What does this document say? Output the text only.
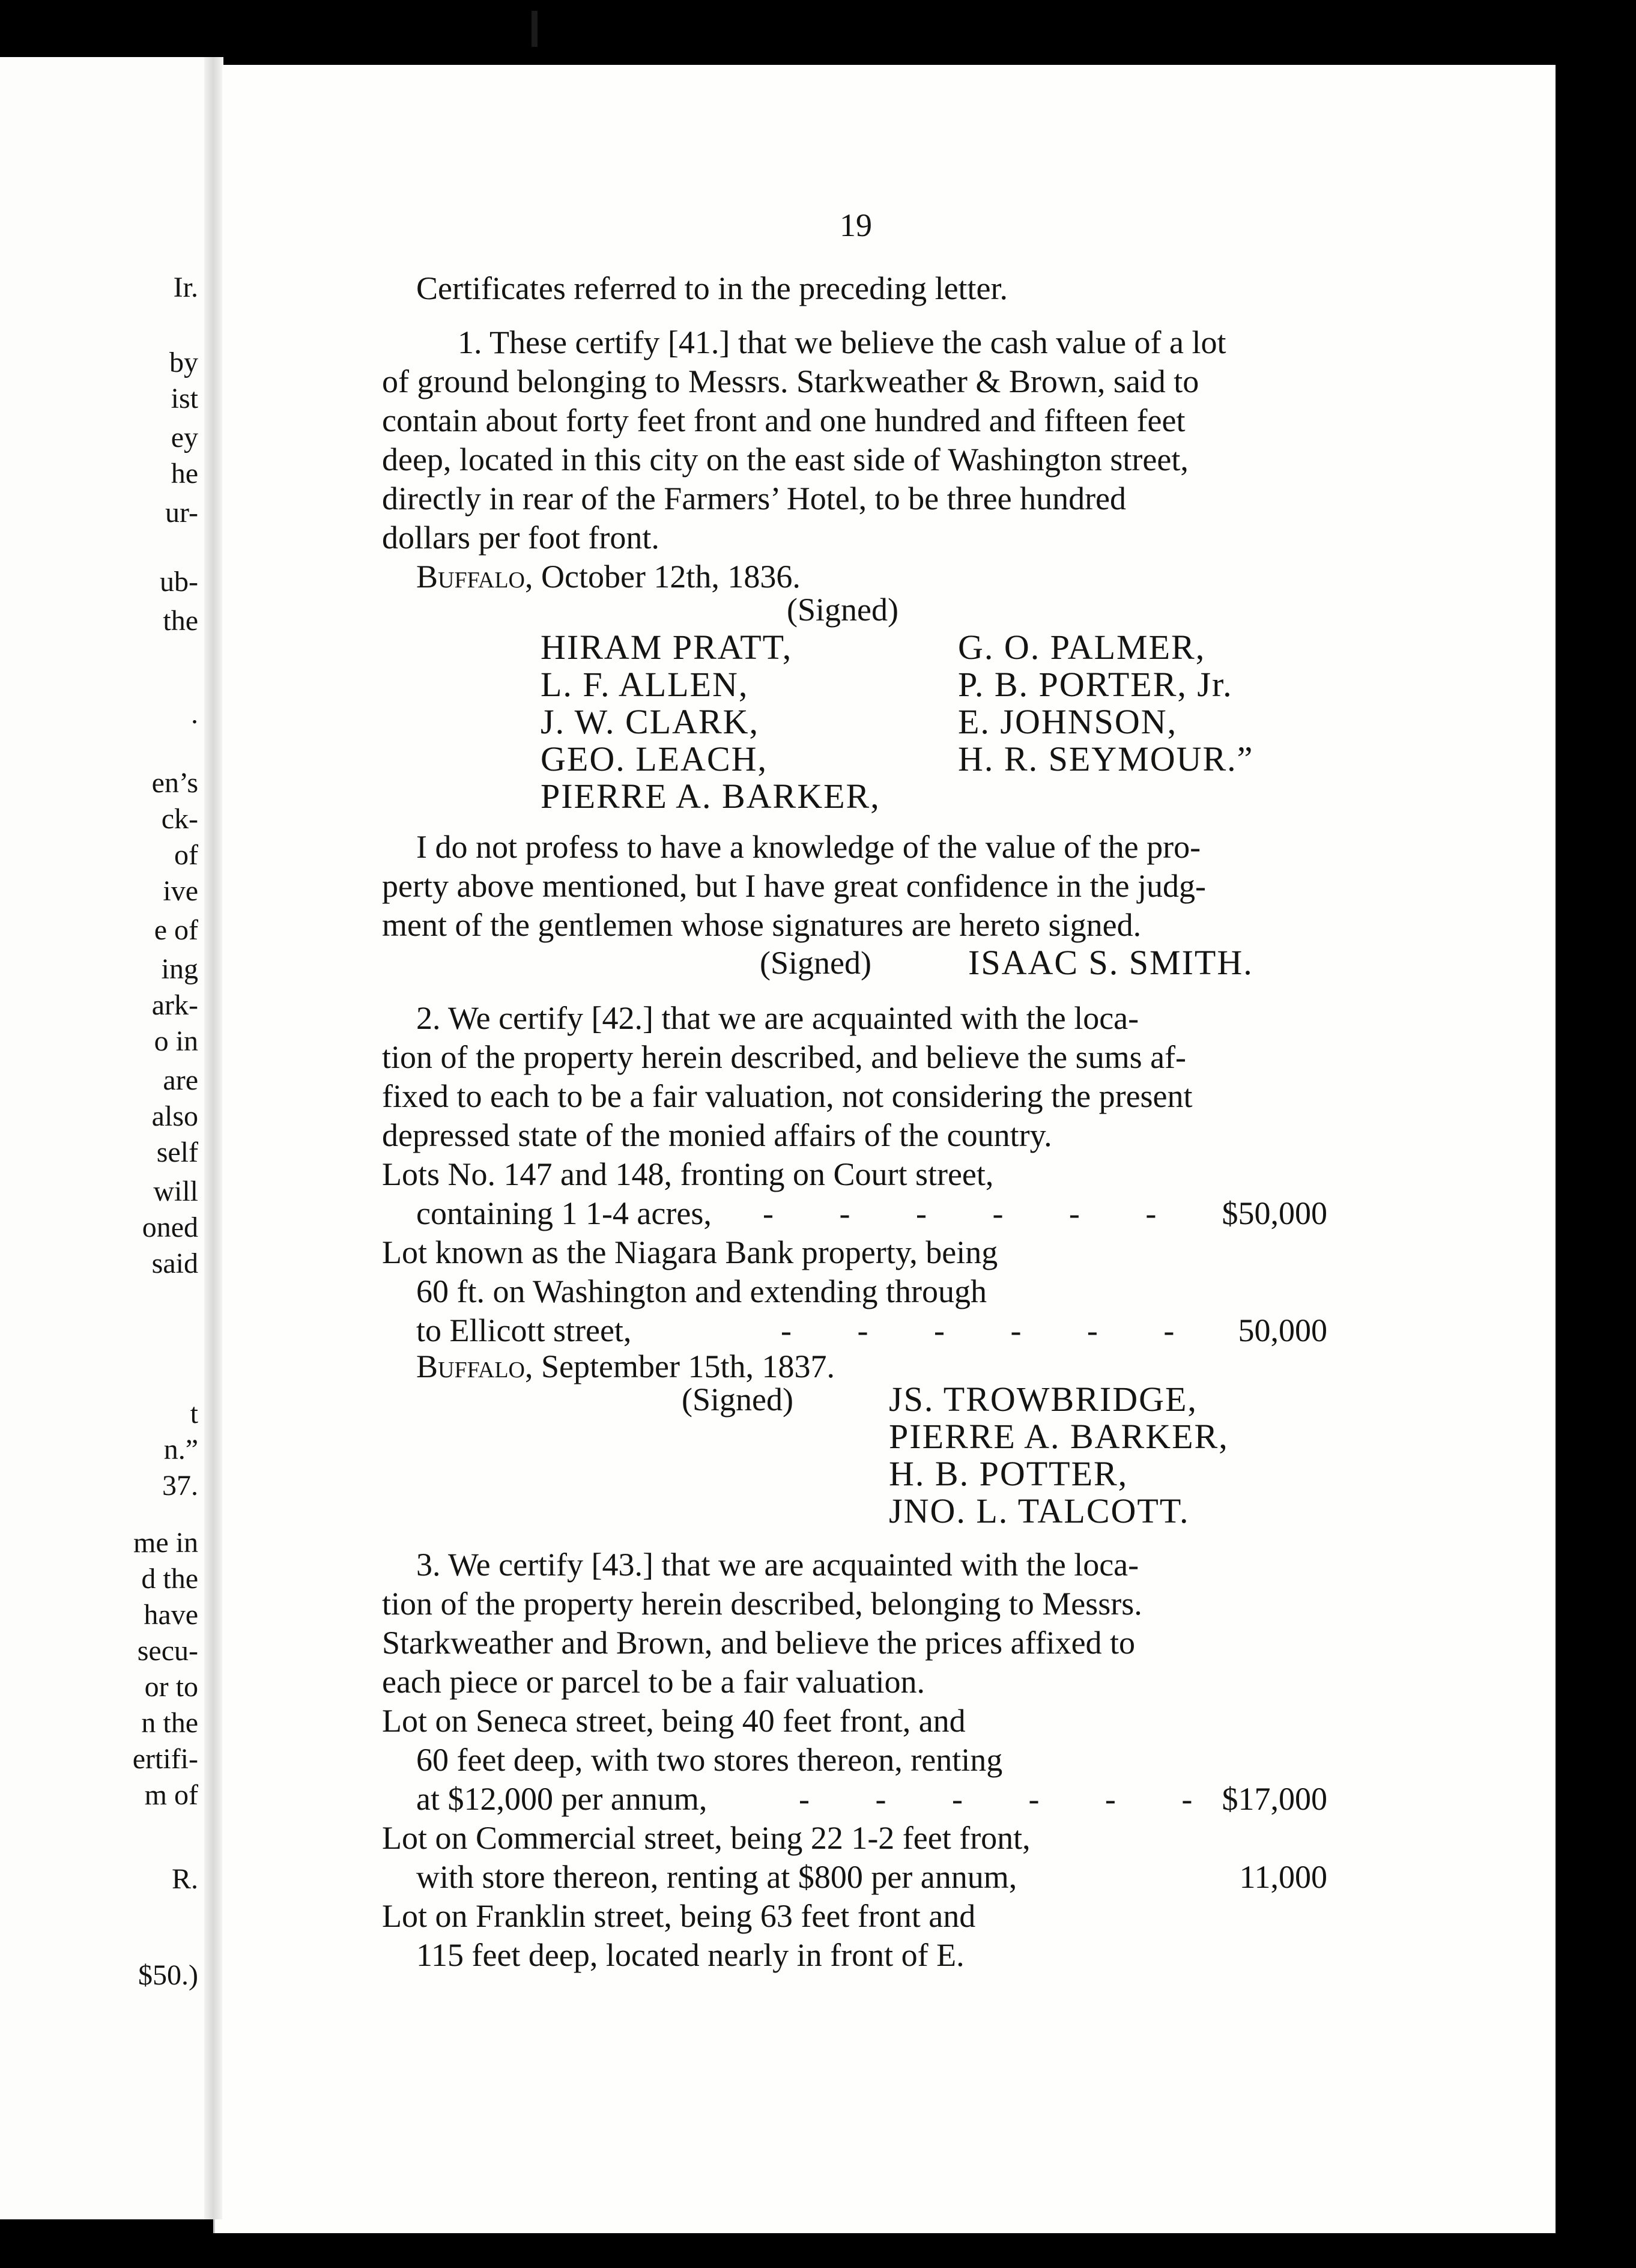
Ir.
by
ist
ey
he
ur-
ub-
the
.
en’s
ck-
of
ive
e of
ing
ark-
o in
are
also
self
will
oned
said
t
n.”
37.
me in
d the
have
secu-
or to
n the
ertifi-
m of
R.
$50.)
19
Certificates referred to in the preceding letter.
1. These certify [41.] that we believe the cash value of a lot
of ground belonging to Messrs. Starkweather & Brown, said to
contain about forty feet front and one hundred and fifteen feet
deep, located in this city on the east side of Washington street,
directly in rear of the Farmers’ Hotel, to be three hundred
dollars per foot front.
Buffalo, October 12th, 1836.
(Signed)
HIRAM PRATT,
L. F. ALLEN,
J. W. CLARK,
GEO. LEACH,
PIERRE A. BARKER,
G. O. PALMER,
P. B. PORTER, Jr.
E. JOHNSON,
H. R. SEYMOUR.”
I do not profess to have a knowledge of the value of the pro-
perty above mentioned, but I have great confidence in the judg-
ment of the gentlemen whose signatures are hereto signed.
(Signed)	ISAAC S. SMITH.
2. We certify [42.] that we are acquainted with the loca-
tion of the property herein described, and believe the sums af-
fixed to each to be a fair valuation, not considering the present
depressed state of the monied affairs of the country.
Lots No. 147 and 148, fronting on Court street,
containing 1 1-4 acres, - - - - - -	$50,000
Lot known as the Niagara Bank property, being
60 ft. on Washington and extending through
to Ellicott street,	- - - - - -	50,000
Buffalo, September 15th, 1837.
(Signed)	JS. TROWBRIDGE,
PIERRE A. BARKER,
H. B. POTTER,
JNO. L. TALCOTT.
3. We certify [43.] that we are acquainted with the loca-
tion of the property herein described, belonging to Messrs.
Starkweather and Brown, and believe the prices affixed to
each piece or parcel to be a fair valuation.
Lot on Seneca street, being 40 feet front, and
60 feet deep, with two stores thereon, renting
at $12,000 per annum,	- - - - - - $17,000
Lot on Commercial street, being 22 1-2 feet front,
with store thereon, renting at $800 per annum,	11,000
Lot on Franklin street, being 63 feet front and
115 feet deep, located nearly in front of E.
